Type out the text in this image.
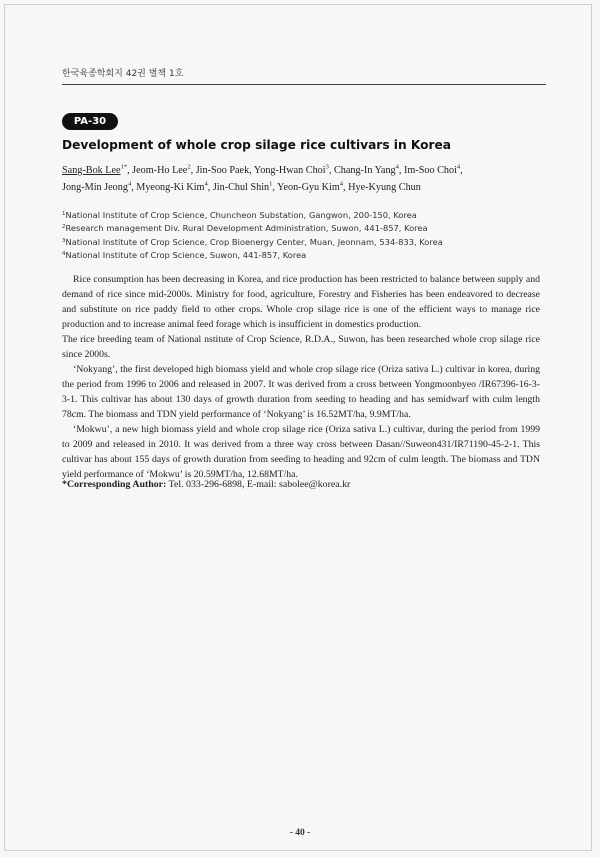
한국육종학회지 42권 별책 1호
PA-30
Development of whole crop silage rice cultivars in Korea
Sang-Bok Lee$^{1*}$, Jeom-Ho Lee$^2$, Jin-Soo Paek, Yong-Hwan Choi$^3$, Chang-In Yang$^4$, Im-Soo Choi$^4$,
Jong-Min Jeong$^4$, Myeong-Ki Kim$^4$, Jin-Chul Shin$^1$, Yeon-Gyu Kim$^4$, Hye-Kyung Chun
$^1$National Institute of Crop Science, Chuncheon Substation, Gangwon, 200-150, Korea
$^2$Research management Div. Rural Development Administration, Suwon, 441-857, Korea
$^3$National Institute of Crop Science, Crop Bioenergy Center, Muan, Jeonnam, 534-833, Korea
$^4$National Institute of Crop Science, Suwon, 441-857, Korea

Rice consumption has been decreasing in Korea, and rice production has been restricted to balance between supply and demand of rice since mid-2000s. Ministry for food, agriculture, Forestry and Fisheries has been endeavored to decrease and substitute on rice paddy field to other crops. Whole crop silage rice is one of the efficient ways to manage rice production and to increase animal feed forage which is insufficient in domestics production.

The rice breeding team of National nstitute of Crop Science, R.D.A., Suwon, has been researched whole crop silage rice since 2000s.

‘Nokyang’, the first developed high biomass yield and whole crop silage rice (Oriza sativa L.) cultivar in korea, during the period from 1996 to 2006 and released in 2007. It was derived from a cross between Yongmoonbyeo /IR67396-16-3-3-1. This cultivar has about 130 days of growth duration from seeding to heading and has semidwarf with culm length 78cm. The biomass and TDN yield performance of ‘Nokyang’ is 16.52MT/ha, 9.9MT/ha.

‘Mokwu’, a new high biomass yield and whole crop silage rice (Oriza sativa L.) cultivar, during the period from 1999 to 2009 and released in 2010. It was derived from a three way cross between Dasan//Suweon431/IR71190-45-2-1. This cultivar has about 155 days of growth duration from seeding to heading and 92cm of culm length. The biomass and TDN yield performance of ‘Mokwu’ is 20.59MT/ha, 12.68MT/ha.

*Corresponding Author: Tel. 033-296-6898, E-mail: sabolee@korea.kr
- 40 -
